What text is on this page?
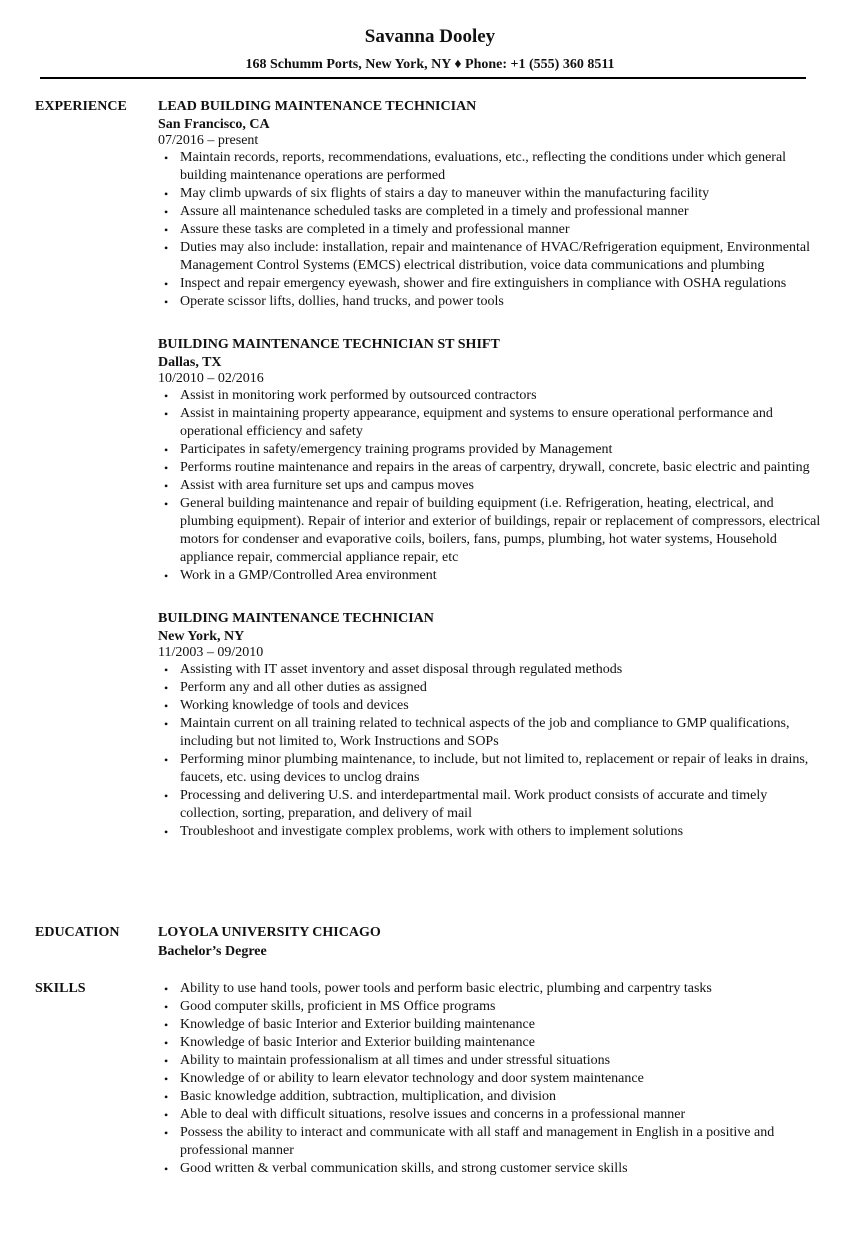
Savanna Dooley
168 Schumm Ports, New York, NY ♦ Phone: +1 (555) 360 8511
EXPERIENCE LEAD BUILDING MAINTENANCE TECHNICIAN
San Francisco, CA
07/2016 – present
• Maintain records, reports, recommendations, evaluations, etc., reflecting the conditions under which general building maintenance operations are performed
• May climb upwards of six flights of stairs a day to maneuver within the manufacturing facility
• Assure all maintenance scheduled tasks are completed in a timely and professional manner
• Assure these tasks are completed in a timely and professional manner
• Duties may also include: installation, repair and maintenance of HVAC/Refrigeration equipment, Environmental Management Control Systems (EMCS) electrical distribution, voice data communications and plumbing
• Inspect and repair emergency eyewash, shower and fire extinguishers in compliance with OSHA regulations
• Operate scissor lifts, dollies, hand trucks, and power tools
BUILDING MAINTENANCE TECHNICIAN ST SHIFT
Dallas, TX
10/2010 – 02/2016
• Assist in monitoring work performed by outsourced contractors
• Assist in maintaining property appearance, equipment and systems to ensure operational performance and operational efficiency and safety
• Participates in safety/emergency training programs provided by Management
• Performs routine maintenance and repairs in the areas of carpentry, drywall, concrete, basic electric and painting
• Assist with area furniture set ups and campus moves
• General building maintenance and repair of building equipment (i.e. Refrigeration, heating, electrical, and plumbing equipment). Repair of interior and exterior of buildings, repair or replacement of compressors, electrical motors for condenser and evaporative coils, boilers, fans, pumps, plumbing, hot water systems, Household appliance repair, commercial appliance repair, etc
• Work in a GMP/Controlled Area environment
BUILDING MAINTENANCE TECHNICIAN
New York, NY
11/2003 – 09/2010
• Assisting with IT asset inventory and asset disposal through regulated methods
• Perform any and all other duties as assigned
• Working knowledge of tools and devices
• Maintain current on all training related to technical aspects of the job and compliance to GMP qualifications, including but not limited to, Work Instructions and SOPs
• Performing minor plumbing maintenance, to include, but not limited to, replacement or repair of leaks in drains, faucets, etc. using devices to unclog drains
• Processing and delivering U.S. and interdepartmental mail. Work product consists of accurate and timely collection, sorting, preparation, and delivery of mail
• Troubleshoot and investigate complex problems, work with others to implement solutions
EDUCATION	LOYOLA UNIVERSITY CHICAGO
Bachelor’s Degree
SKILLS	• Ability to use hand tools, power tools and perform basic electric, plumbing and carpentry tasks
• Good computer skills, proficient in MS Office programs
• Knowledge of basic Interior and Exterior building maintenance
• Knowledge of basic Interior and Exterior building maintenance
• Ability to maintain professionalism at all times and under stressful situations
• Knowledge of or ability to learn elevator technology and door system maintenance
• Basic knowledge addition, subtraction, multiplication, and division
• Able to deal with difficult situations, resolve issues and concerns in a professional manner
• Possess the ability to interact and communicate with all staff and management in English in a positive and professional manner
• Good written & verbal communication skills, and strong customer service skills
